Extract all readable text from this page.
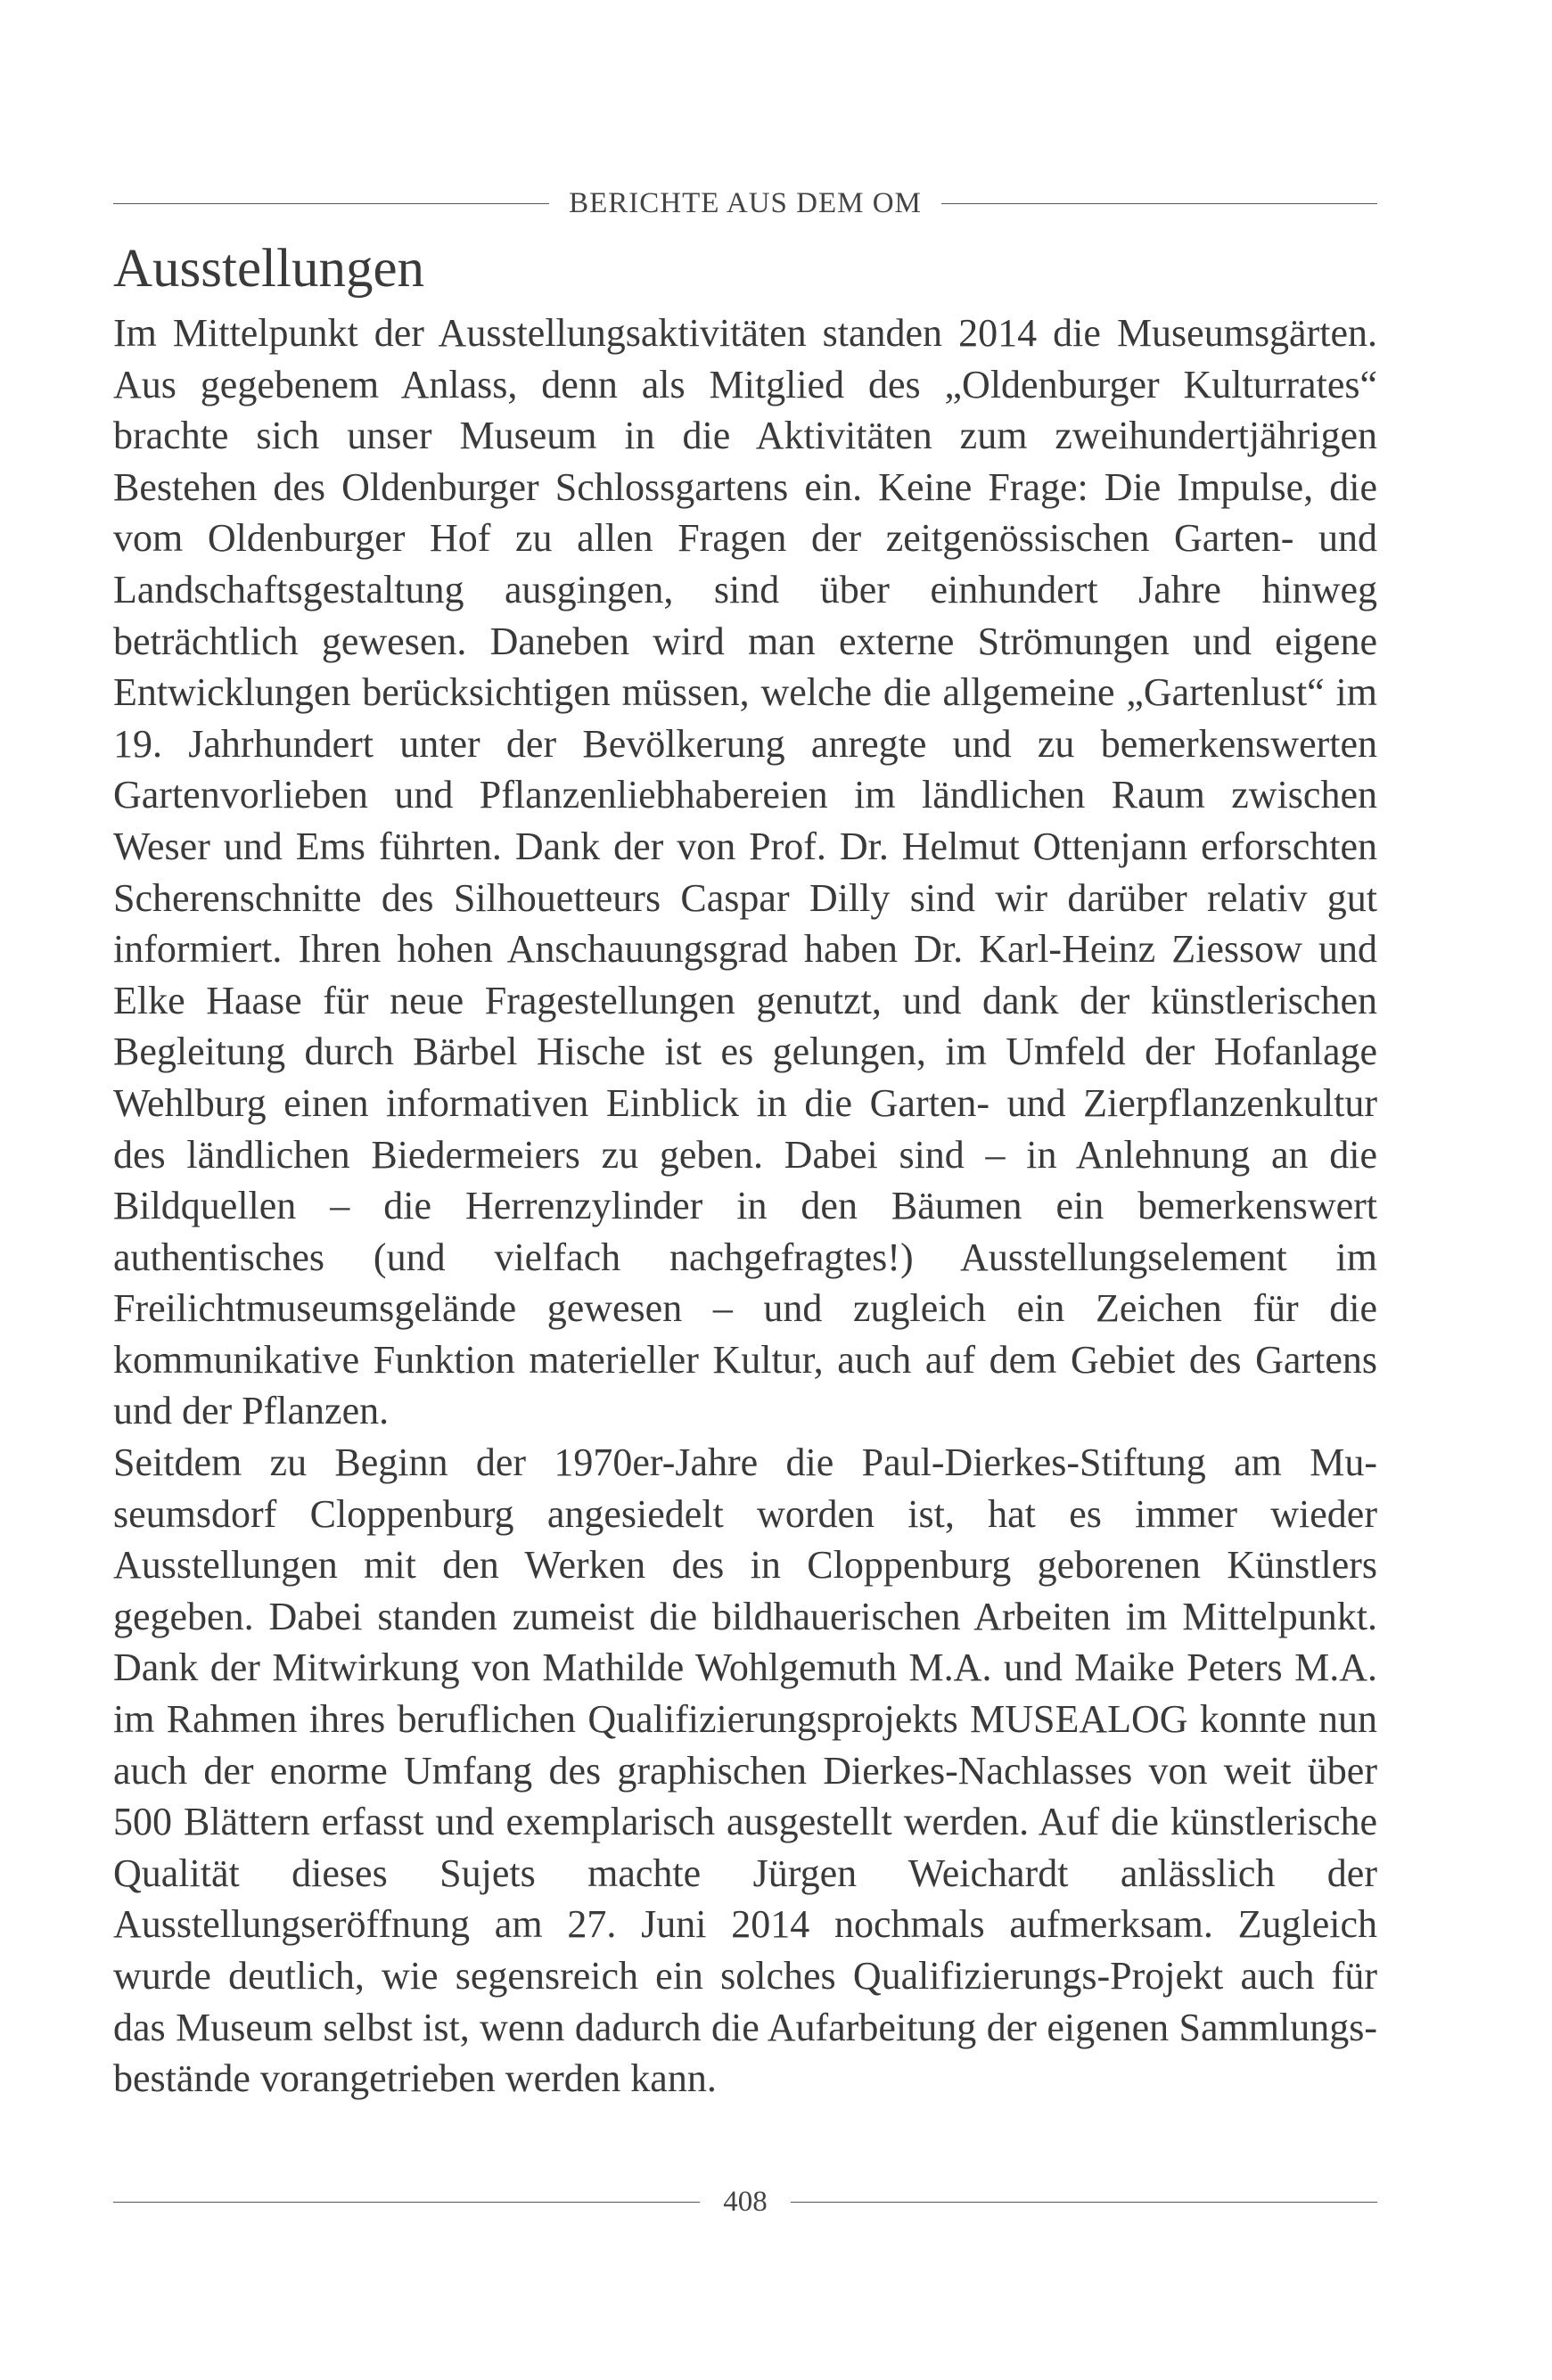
BERICHTE AUS DEM OM
Ausstellungen

Im Mittelpunkt der Ausstellungsaktivitäten standen 2014 die Museumsgärten. Aus gegebenem Anlass, denn als Mitglied des „Oldenburger Kulturrates“ brachte sich unser Museum in die Aktivitäten zum zweihundertjährigen Bestehen des Oldenburger Schlossgartens ein. Keine Frage: Die Impulse, die vom Oldenburger Hof zu allen Fragen der zeitgenössischen Garten- und Landschaftsgestaltung ausgingen, sind über einhundert Jahre hinweg beträchtlich gewesen. Daneben wird man externe Strömungen und eigene Entwicklungen berücksichtigen müssen, welche die allgemeine „Gartenlust“ im 19. Jahrhundert unter der Bevölkerung anregte und zu bemerkenswerten Gartenvorlieben und Pflanzenliebhabereien im ländlichen Raum zwischen Weser und Ems führten. Dank der von Prof. Dr. Helmut Ottenjann erforschten Scherenschnitte des Silhouetteurs Caspar Dilly sind wir darüber relativ gut informiert. Ihren hohen Anschauungsgrad haben Dr. Karl-Heinz Ziessow und Elke Haase für neue Fragestellungen genutzt, und dank der künstlerischen Begleitung durch Bärbel Hische ist es gelungen, im Umfeld der Hofanlage Wehlburg einen informativen Einblick in die Garten- und Zierpflanzenkultur des ländlichen Biedermeiers zu geben. Dabei sind – in Anlehnung an die Bildquellen – die Herrenzylinder in den Bäumen ein bemerkenswert authentisches (und vielfach nachgefragtes!) Ausstellungselement im Freilichtmuseumsgelände gewesen – und zugleich ein Zeichen für die kommunikative Funktion materieller Kultur, auch auf dem Gebiet des Gartens und der Pflanzen.

Seitdem zu Beginn der 1970er-Jahre die Paul-Dierkes-Stiftung am Museumsdorf Cloppenburg angesiedelt worden ist, hat es immer wieder Ausstellungen mit den Werken des in Cloppenburg geborenen Künstlers gegeben. Dabei standen zumeist die bildhauerischen Arbeiten im Mittelpunkt. Dank der Mitwirkung von Mathilde Wohlgemuth M.A. und Maike Peters M.A. im Rahmen ihres beruflichen Qualifizierungsprojekts MUSEALOG konnte nun auch der enorme Umfang des graphischen Dierkes-Nachlasses von weit über 500 Blättern erfasst und exemplarisch ausgestellt werden. Auf die künstlerische Qualität dieses Sujets machte Jürgen Weichardt anlässlich der Ausstellungseröffnung am 27. Juni 2014 nochmals aufmerksam. Zugleich wurde deutlich, wie segensreich ein solches Qualifizierungs-Projekt auch für das Museum selbst ist, wenn dadurch die Aufarbeitung der eigenen Sammlungsbestände vorangetrieben werden kann.

408
